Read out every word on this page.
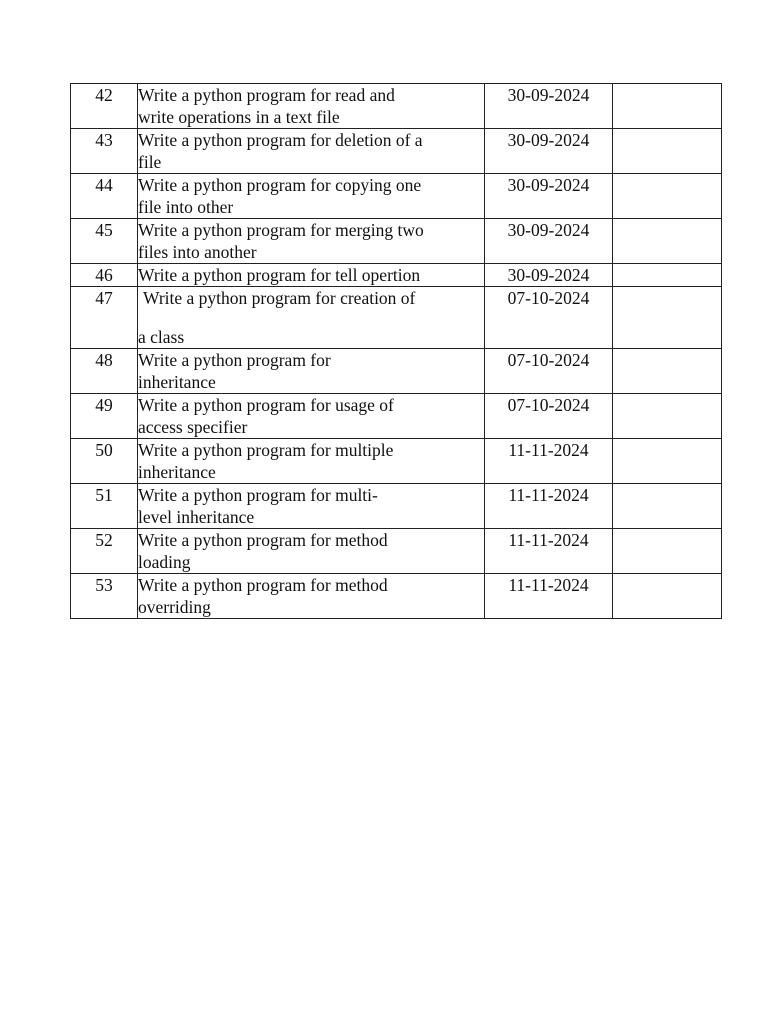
42	Write a python program for read and
write operations in a text file	30-09-2024	
43	Write a python program for deletion of a
file	30-09-2024	
44	Write a python program for copying one
file into other	30-09-2024	
45	Write a python program for merging two
files into another	30-09-2024	
46	Write a python program for tell opertion	30-09-2024	
47	Write a python program for creation of
a class	07-10-2024	
48	Write a python program for
inheritance	07-10-2024	
49	Write a python program for usage of
access specifier	07-10-2024	
50	Write a python program for multiple
inheritance	11-11-2024	
51	Write a python program for multi-
level inheritance	11-11-2024	
52	Write a python program for method
loading	11-11-2024	
53	Write a python program for method
overriding	11-11-2024	
